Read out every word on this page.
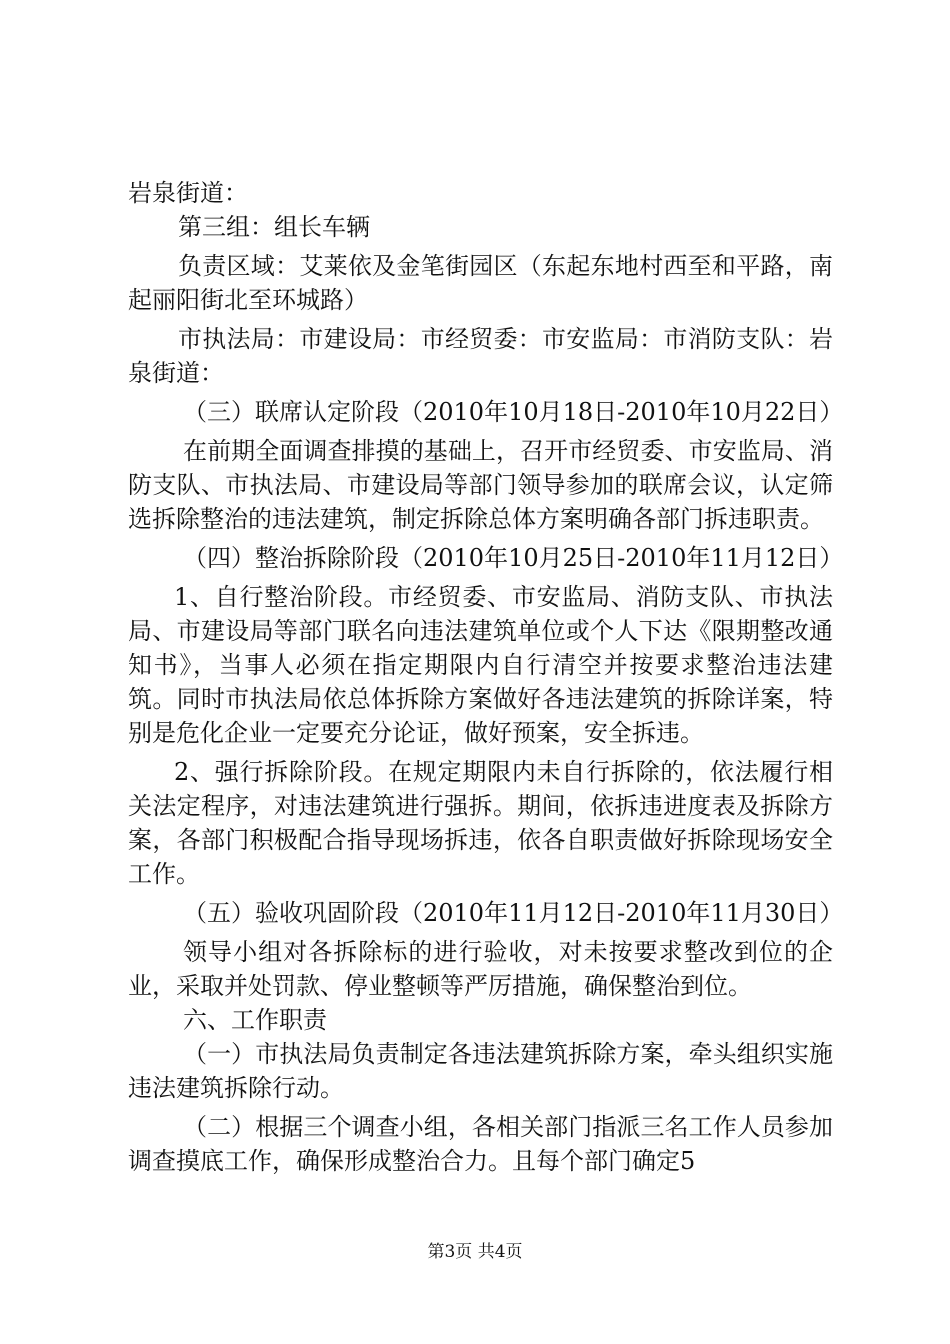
岩泉街道：

第三组：组长车辆

负责区域：艾莱依及金笔街园区（东起东地村西至和平路，南起丽阳街北至环城路）

市执法局：市建设局：市经贸委：市安监局：市消防支队：岩泉街道：

（三）联席认定阶段（2010年10月18日-2010年10月22日）

在前期全面调查排摸的基础上，召开市经贸委、市安监局、消防支队、市执法局、市建设局等部门领导参加的联席会议，认定筛选拆除整治的违法建筑，制定拆除总体方案明确各部门拆违职责。

（四）整治拆除阶段（2010年10月25日-2010年11月12日）

1、自行整治阶段。市经贸委、市安监局、消防支队、市执法局、市建设局等部门联名向违法建筑单位或个人下达《限期整改通知书》，当事人必须在指定期限内自行清空并按要求整治违法建筑。同时市执法局依总体拆除方案做好各违法建筑的拆除详案，特别是危化企业一定要充分论证，做好预案，安全拆违。

2、强行拆除阶段。在规定期限内未自行拆除的，依法履行相关法定程序，对违法建筑进行强拆。期间，依拆违进度表及拆除方案，各部门积极配合指导现场拆违，依各自职责做好拆除现场安全工作。

（五）验收巩固阶段（2010年11月12日-2010年11月30日）

领导小组对各拆除标的进行验收，对未按要求整改到位的企业，采取并处罚款、停业整顿等严厉措施，确保整治到位。

六、工作职责

（一）市执法局负责制定各违法建筑拆除方案，牵头组织实施违法建筑拆除行动。

（二）根据三个调查小组，各相关部门指派三名工作人员参加调查摸底工作，确保形成整治合力。且每个部门确定5

第3页 共4页
